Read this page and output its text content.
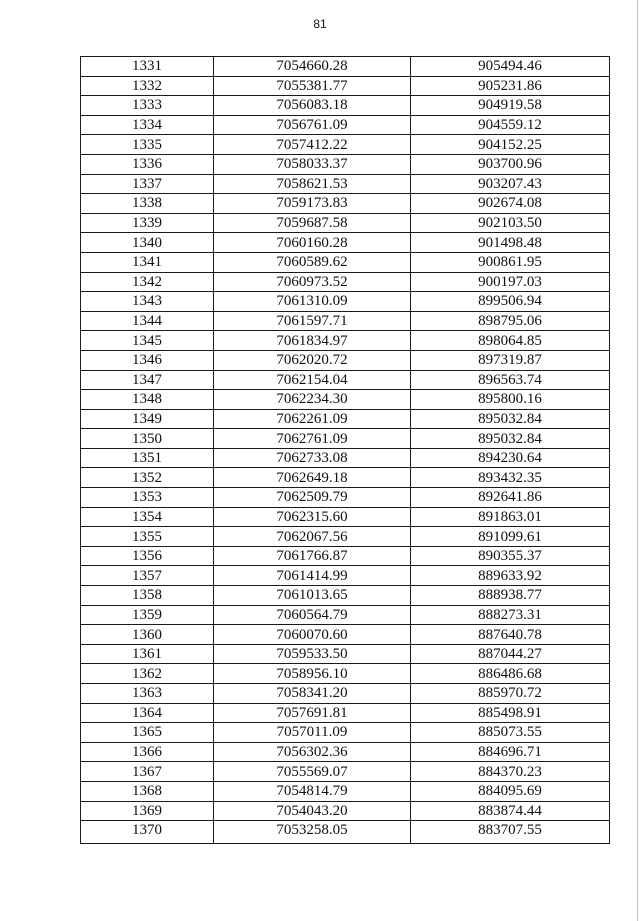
81
1331	7054660.28	905494.46
1332	7055381.77	905231.86
1333	7056083.18	904919.58
1334	7056761.09	904559.12
1335	7057412.22	904152.25
1336	7058033.37	903700.96
1337	7058621.53	903207.43
1338	7059173.83	902674.08
1339	7059687.58	902103.50
1340	7060160.28	901498.48
1341	7060589.62	900861.95
1342	7060973.52	900197.03
1343	7061310.09	899506.94
1344	7061597.71	898795.06
1345	7061834.97	898064.85
1346	7062020.72	897319.87
1347	7062154.04	896563.74
1348	7062234.30	895800.16
1349	7062261.09	895032.84
1350	7062761.09	895032.84
1351	7062733.08	894230.64
1352	7062649.18	893432.35
1353	7062509.79	892641.86
1354	7062315.60	891863.01
1355	7062067.56	891099.61
1356	7061766.87	890355.37
1357	7061414.99	889633.92
1358	7061013.65	888938.77
1359	7060564.79	888273.31
1360	7060070.60	887640.78
1361	7059533.50	887044.27
1362	7058956.10	886486.68
1363	7058341.20	885970.72
1364	7057691.81	885498.91
1365	7057011.09	885073.55
1366	7056302.36	884696.71
1367	7055569.07	884370.23
1368	7054814.79	884095.69
1369	7054043.20	883874.44
1370	7053258.05	883707.55
